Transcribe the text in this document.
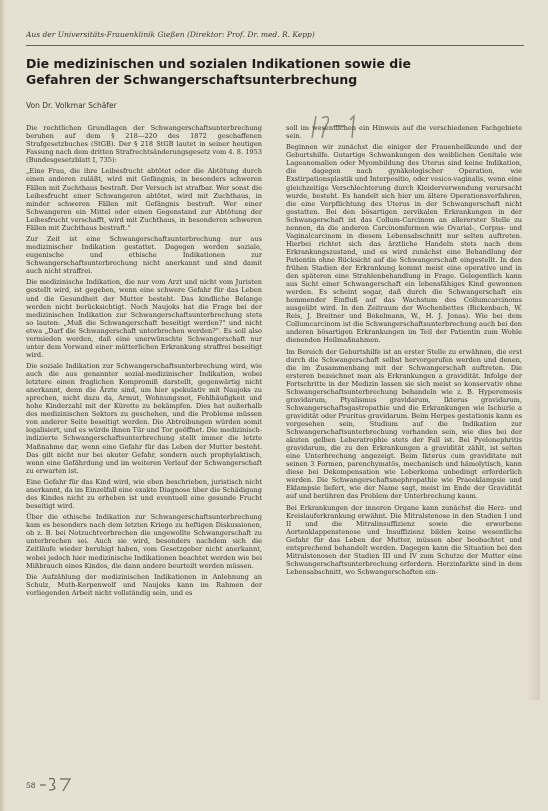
Aus der Universitäts-Frauenklinik Gießen (Direktor: Prof. Dr. med. R. Kepp)
Die medizinischen und sozialen Indikationen sowie die Gefahren der Schwangerschaftsunterbrechung
Von Dr. Volkmar Schäfer

Die rechtlichen Grundlagen der Schwangerschaftsunterbrechung beruhen auf dem § 218—220 des 1872 geschaffenen Strafgesetzbuches (StGB). Der § 218 StGB lautet in seiner heutigen Fassung nach dem dritten Strafrechtsänderungsgesetz vom 4. 8. 1953 (Bundesgesetzblatt I, 735):

„Eine Frau, die ihre Leibesfrucht abtötet oder die Abtötung durch einen anderen zuläßt, wird mit Gefängnis, in besonders schweren Fällen mit Zuchthaus bestraft. Der Versuch ist strafbar. Wer sonst die Leibesfrucht einer Schwangeren abtötet, wird mit Zuchthaus, in minder schweren Fällen mit Gefängnis bestraft. Wer einer Schwangeren ein Mittel oder einen Gegenstand zur Abtötung der Leibesfrucht verschafft, wird mit Zuchthaus, in besonderen schweren Fällen mit Zuchthaus bestraft."

Zur Zeit ist eine Schwangerschaftsunterbrechung nur aus medizinischer Indikation gestattet. Dagegen werden soziale, eugenische und ethische Indikationen zur Schwangerschaftsunterbrechung nicht anerkannt und sind damit auch nicht straffrei.

Die medizinische Indikation, die nur vom Arzt und nicht vom Juristen gestellt wird, ist gegeben, wenn eine schwere Gefahr für das Leben und die Gesundheit der Mutter besteht. Das kindliche Belange werden nicht berücksichtigt. Noch Naujoks hat die Frage bei der medizinischen Indikation zur Schwangerschaftsunterbrechung stets so lauten: „Muß die Schwangerschaft beseitigt werden?" und nicht etwa „Darf die Schwangerschaft unterbrochen werden?". Es soll also vermieden werden, daß eine unerwünschte Schwangerschaft nur unter dem Vorwand einer mütterlichen Erkrankung straffrei beseitigt wird.

Die soziale Indikation zur Schwangerschaftsunterbrechung wird, wie auch die aus genannter sozial-medizinischer Indikation, wobei letztere einen fraglichen Kompromiß darstellt, gegenwärtig nicht anerkannt, denn die Ärzte sind, um hier spekulativ mit Naujoks zu sprechen, nicht dazu da, Armut, Wohnungsnot, Fehlhäufigkeit und hohe Kinderzahl mit der Kürette zu bekämpfen. Dies hat außerhalb des medizinischen Sektors zu geschehen, und die Probleme müssen von anderer Seite beseitigt werden. Die Abtreibungen würden somit legalisiert, und es würde ihnen Tür und Tor geöffnet. Die medizinisch-indizierte Schwangerschaftsunterbrechung stellt immer die letzte Maßnahme dar, wenn eine Gefahr für das Leben der Mutter besteht. Das gilt nicht nur bei akuter Gefahr, sondern auch prophylaktisch, wenn eine Gefährdung und im weiteren Verlauf der Schwangerschaft zu erwarten ist.

Eine Gefahr für das Kind wird, wie eben beschrieben, juristisch nicht anerkannt, da im Einzelfall eine exakte Diagnose über die Schädigung des Kindes nicht zu erheben ist und eventuell eine gesunde Frucht beseitigt wird.

Über die ethische Indikation zur Schwangerschaftsunterbrechung kam es besonders nach dem letzten Kriege zu heftigen Diskussionen, ob z. B. bei Notzuchtverbrechen die ungewollte Schwangerschaft zu unterbrechen sei. Auch sie wird, besonders nachdem sich die Zeitläufe wieder beruhigt haben, vom Gesetzgeber nicht anerkannt, wobei jedoch hier medizinische Indikationen beachtet werden wie bei Mißbrauch eines Kindes, die dann andere beurteilt werden müssen.

Die Aufzählung der medizinischen Indikationen in Anlehnung an Schulz, Muth-Kerpenwolf und Naujoks kann im Rahmen der vorliegenden Arbeit nicht vollständig sein, und es

soll im wesentlichen ein Hinweis auf die verschiedenen Fachgebiete sein.

Beginnen wir zunächst die einiger der Frauenheilkunde und der Geburtshilfe. Gutartige Schwankungen des weiblichen Genitale wie Lageanomalien oder Myombildung des Uterus sind keine Indikation, die dagegen nach gynäkologischer Operation, wie Exstirpationsplastik und Interpositio, oder vesico-vaginalis, wenn eine gleichzeitige Verschlechterung durch Kleiderverwendung verursacht wurde, besteht. Es handelt sich hier um ältere Operationsverfahren, die eine Verpflichtung des Uterus in der Schwangerschaft nicht gestatten. Bei den bösartigen zervikalen Erkrankungen in der Schwangerschaft ist das Collum-Carcinom an allererster Stelle zu nennen, da die anderen Carcinomformen wie Ovarial-, Corpus- und Vaginalcarcinom in diesem Lebensabschnitt nur selten auftreten. Hierbei richtet sich das ärztliche Handeln stets nach dem Erkrankungszustand, und es wird zunächst eine Behandlung der Patientin ohne Rücksicht auf die Schwangerschaft eingestellt. In den frühen Stadien der Erkrankung kommt meist eine operative und in den späteren eine Strahlenbehandlung in Frage. Gelegentlich kann aus Sicht einer Schwangerschaft ein lebensfähiges Kind gewonnen werden. Es scheint sogar, daß durch die Schwangerschaft ein hemmender Einfluß auf das Wachstum des Collumcarcinoms ausgeübt wird. In den Zeitraum der Wochenbettes (Bickenbach, W. Reis, J. Breitner und Bokelmann, W., H. J. Jonas). Wie bei dem Collumcarcinom ist die Schwangerschaftsunterbrechung auch bei den anderen bösartigen Erkrankungen im Teil der Patientin zum Wohle dienenden Heilmaßnahmen.

Im Bereich der Geburtshilfe ist an erster Stelle zu erwähnen, die erst durch die Schwangerschaft selbst hervorgerufen werden und denen, die im Zusammenhang mit der Schwangerschaft auftreten. Die ersteren bezeichnet man als Erkrankungen a gravidität. Infolge der Fortschritte in der Medizin lassen sie sich meist so konservativ ohne Schwangerschaftsunterbrechung behandeln wie z. B. Hyperemesis gravidarum, Ptyalismus gravidarum, Ikterus gravidarum, Schwangerschaftsgastropathie und die Erkrankungen wie Ischurie a gravidität oder Pruritus gravidarum. Beim Herpes gestationis kann es vorgesehen sein, Studium auf die Indikation zur Schwangerschaftsunterbrechung vorhanden sein, wie dies bei der akuten gelben Leberatrophie stets der Fall ist. Bei Pyelonephritis gravidarum, die zu den Erkrankungen a gravidität zählt, ist selten eine Unterbrechung angezeigt. Beim Ikterus cum graviditate mit seinen 3 Formen, parenchymatös, mechanisch und hämolytisch, kann diese bei Dekompensation wie Leberkoma unbedingt erforderlich werden. Die Schwangerschaftsnephropathie wie Praeeklampsie und Eklampsie liefert, wie der Name sagt, meist im Ende der Gravidität auf und berühren das Problem der Unterbrechung kaum.

Bei Erkrankungen der inneren Organe kann zunächst die Herz- und Kreislauferkrankung erwähnt. Die Mitralstenose in den Stadien I und II und die Mitralinsuffizienz sowie die erworbene Aortenklappenstenose und Insuffizienz bilden keine wesentliche Gefahr für das Leben der Mutter, müssen aber beobachtet und entsprechend behandelt werden. Dagegen kann die Situation bei den Mitralstenosen der Stadien III und IV zum Schutze der Mutter eine Schwangerschaftsunterbrechung erfordern. Herzinfarkte sind in dem Lebensabschnitt, wo Schwangerschaften ein-

58
